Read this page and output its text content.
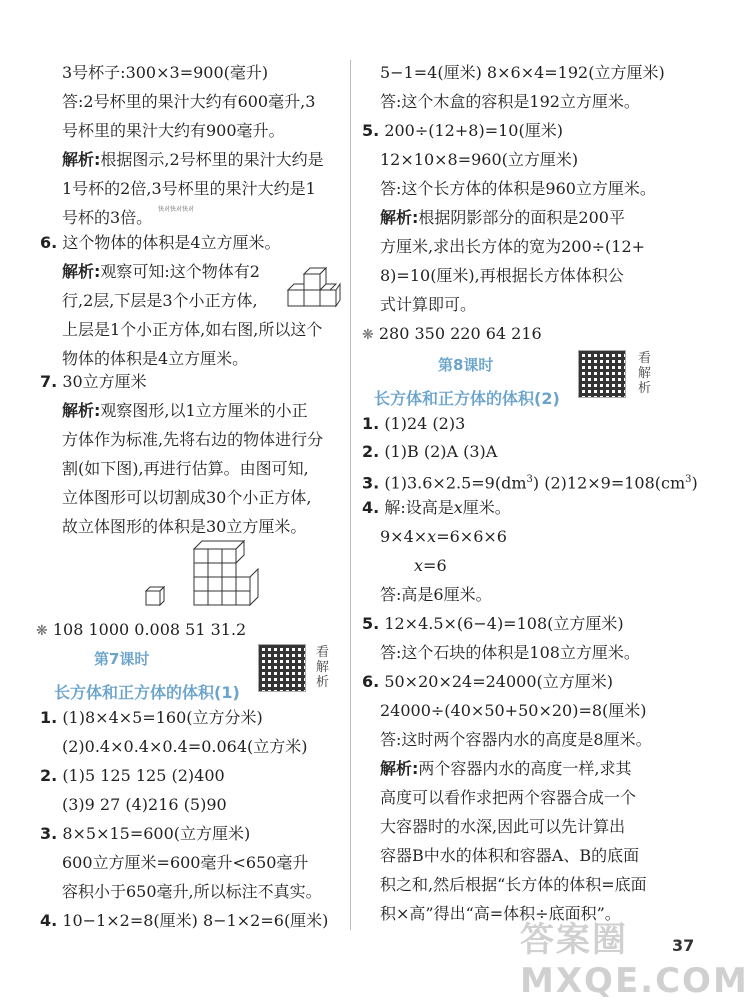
3号杯子:300×3=900(毫升)
答:2号杯里的果汁大约有600毫升,3
号杯里的果汁大约有900毫升。
解析:根据图示,2号杯里的果汁大约是
1号杯的2倍,3号杯里的果汁大约是1
号杯的3倍。 快对快对快对
6. 这个物体的体积是4立方厘米。
解析:观察可知:这个物体有2
行,2层,下层是3个小正方体,
上层是1个小正方体,如右图,所以这个
物体的体积是4立方厘米。
7. 30立方厘米
解析:观察图形,以1立方厘米的小正
方体作为标准,先将右边的物体进行分
割(如下图),再进行估算。由图可知,
立体图形可以切割成30个小正方体,
故立体图形的体积是30立方厘米。
❋ 108 1000 0.008 51 31.2
第7课时	看解析
长方体和正方体的体积(1)
1. (1)8×4×5=160(立方分米)
(2)0.4×0.4×0.4=0.064(立方米)
2. (1)5 125 125 (2)400
(3)9 27 (4)216 (5)90
3. 8×5×15=600(立方厘米)
600立方厘米=600毫升<650毫升
容积小于650毫升,所以标注不真实。
4. 10−1×2=8(厘米) 8−1×2=6(厘米)
5−1=4(厘米) 8×6×4=192(立方厘米)
答:这个木盒的容积是192立方厘米。
5. 200÷(12+8)=10(厘米)
12×10×8=960(立方厘米)
答:这个长方体的体积是960立方厘米。
解析:根据阴影部分的面积是200平
方厘米,求出长方体的宽为200÷(12+
8)=10(厘米),再根据长方体体积公
式计算即可。
❋ 280 350 220 64 216
第8课时	看解析
长方体和正方体的体积(2)
1. (1)24 (2)3
2. (1)B (2)A (3)A
3. $(1)3.6\times 2.5=9(dm^3)$ $(2)12\times 9=108(cm^3)$
4. 解:设高是x厘米。
9×4×x=6×6×6
x=6
答:高是6厘米。
5. 12×4.5×(6−4)=108(立方厘米)
答:这个石块的体积是108立方厘米。
6. 50×20×24=24000(立方厘米)
24000÷(40×50+50×20)=8(厘米)
答:这时两个容器内水的高度是8厘米。
解析:两个容器内水的高度一样,求其
高度可以看作求把两个容器合成一个
大容器时的水深,因此可以先计算出
容器B中水的体积和容器A、B的底面
积之和,然后根据“长方体的体积=底面
积×高”得出“高=体积÷底面积”。
37
答案圈 MXQE.COM
